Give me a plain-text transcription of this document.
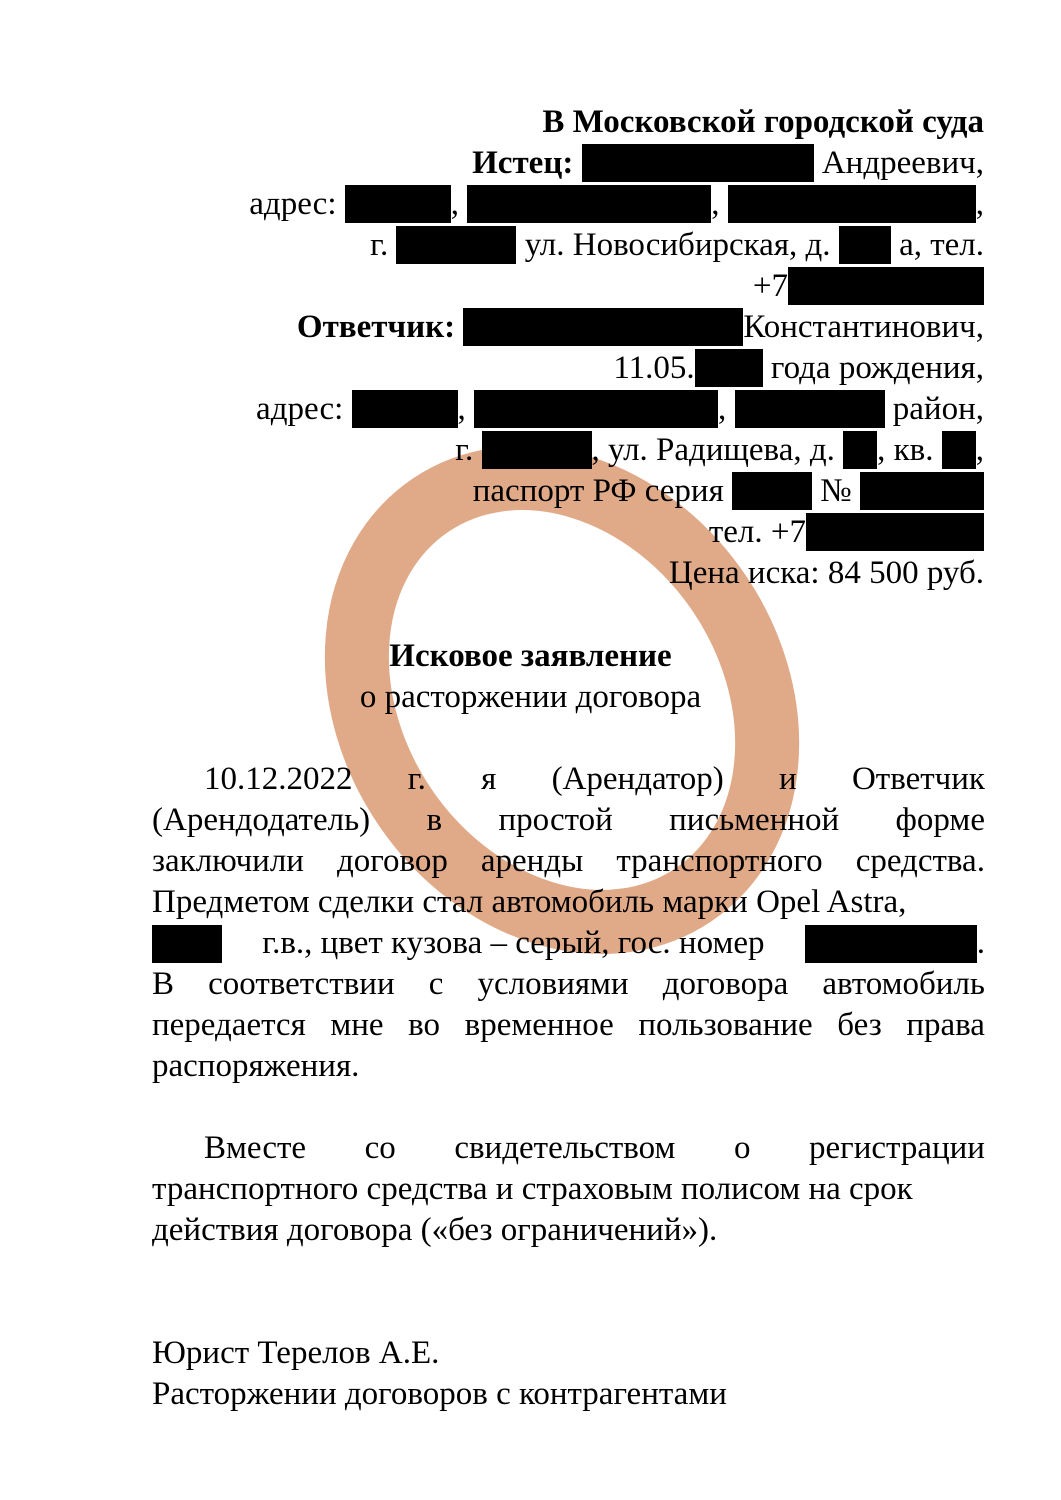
В Московской городской суда
Истец:	Андреевич,
адрес:	,	,	,
г.	ул. Новосибирская, д. а, тел.
+7
Ответчик:	Константинович,
11.05. года рождения,
адрес:	,	,	район,
г.	, ул. Радищева, д. , кв. ,
паспорт РФ серия	№
тел. +7
Цена иска: 84 500 руб.
Исковое заявление
о расторжении договора
10.12.2022 г. я (Арендатор) и Ответчик
(Арендодатель) в простой письменной форме
заключили договор аренды транспортного средства.
Предметом сделки стал автомобиль марки Opel Astra,
г.в., цвет кузова – серый, гос. номер	.
В соответствии с условиями договора автомобиль
передается мне во временное пользование без права
распоряжения.
Вместе со свидетельством о регистрации
транспортного средства и страховым полисом на срок
действия договора («без ограничений»).
Юрист Терелов А.Е.
Расторжении договоров с контрагентами
